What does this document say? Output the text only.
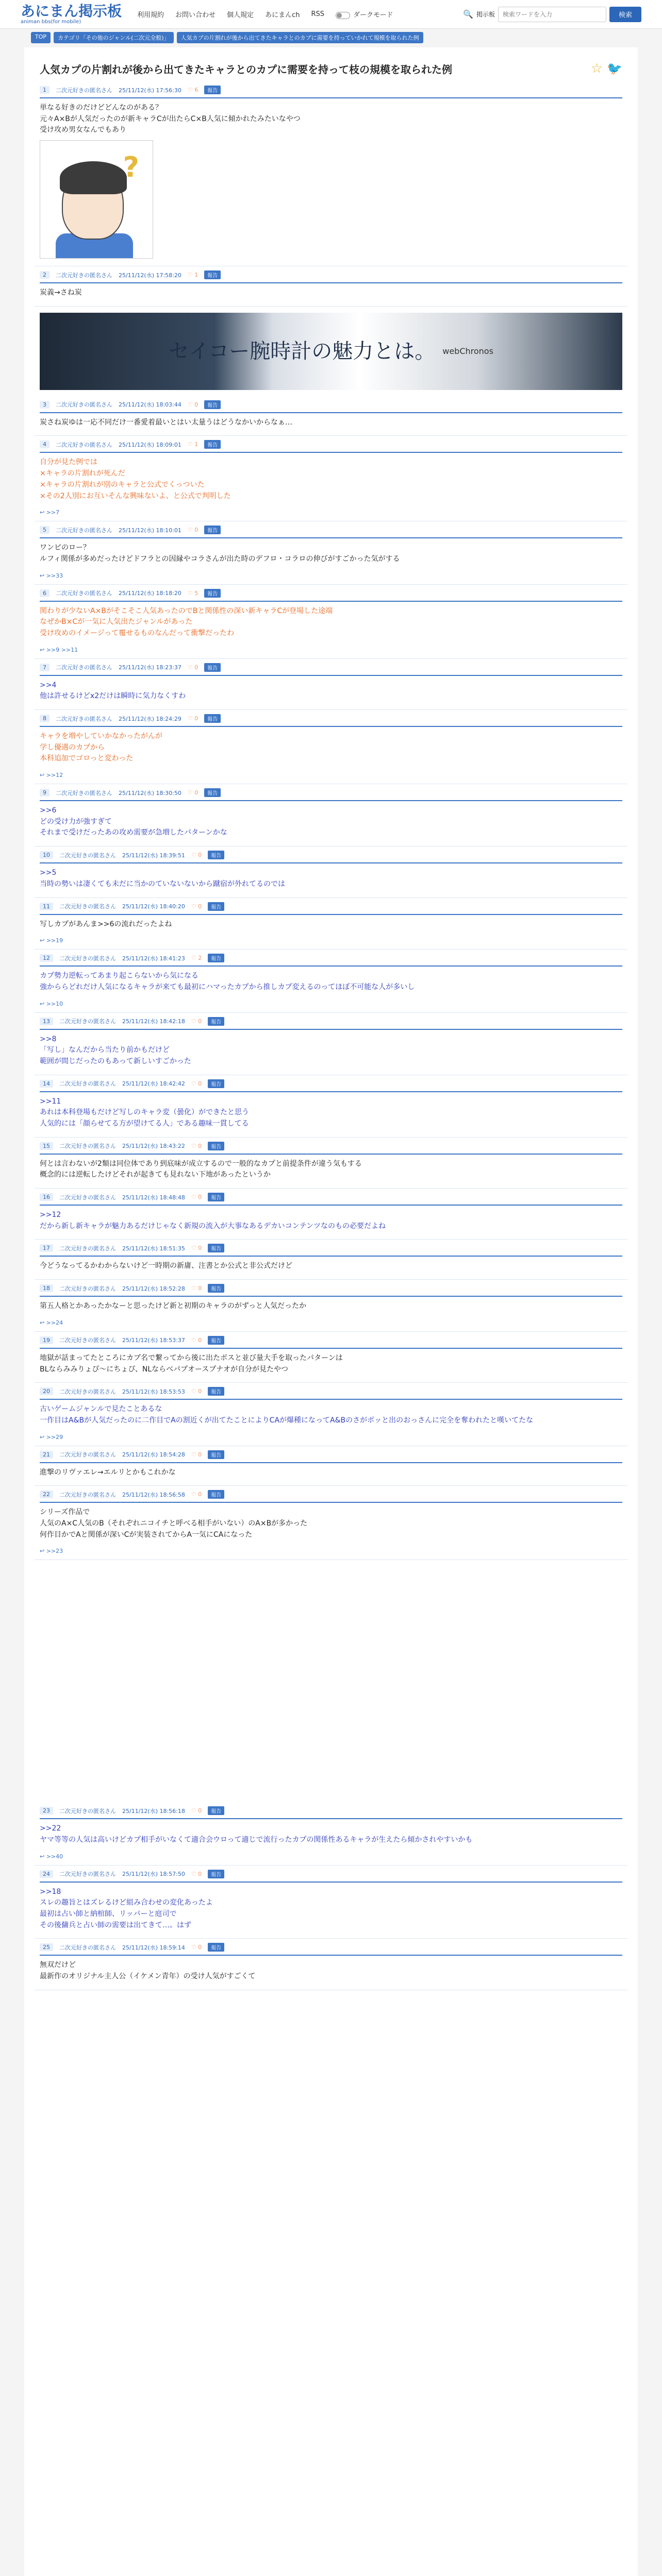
あにまん掲示板
animan bbs(for mobile)
利用規約 お問い合わせ 個人規定 あにまんch RSS	ダークモード	🔍 掲示板
検索ワードを入力	検索
TOP	カテゴリ「その他のジャンル(二次元全般)」	人気カプの片割れが後から出てきたキャラとのカプに需要を持っていかれて規模を取られた例
人気カプの片割れが後から出てきたキャラとのカプに需要を持って枝の規模を取られた例	☆ 🐦
1	二次元好きの匿名さん 25/11/12(水) 17:56:30 ♡ 6	報告
単なる好きのだけどどんなのがある？
元々A×Bが人気だったのが新キャラCが出たらC×B人気に傾かれたみたいなやつ
受け攻め男女なんでもあり
?
2	二次元好きの匿名さん 25/11/12(水) 17:58:20 ♡ 1	報告
炭義→さね炭
セイコー腕時計の魅力とは。 webChronos
3	二次元好きの匿名さん 25/11/12(水) 18:03:44 ♡ 0	報告
炭さね炭ゆは一応不同だけ一番愛着最いとはい太量うはどうなかいからなぁ…
4	二次元好きの匿名さん 25/11/12(水) 18:09:01 ♡ 1	報告
自分が見た例では
×キャラの片割れが死んだ
×キャラの片割れが別のキャラと公式でくっついた
×その2人別にお互いそんな興味ないよ、と公式で判明した
↩ >>7
5	二次元好きの匿名さん 25/11/12(水) 18:10:01 ♡ 0	報告
ワンピのロー？
ルフィ関係が多めだったけどドフラとの因縁やコラさんが出た時のデフロ・コラロの伸びがすごかった気がする
↩ >>33
6	二次元好きの匿名さん 25/11/12(水) 18:18:20 ♡ 5	報告
関わりが少ないA×Bがそこそこ人気あったのでBと関係性の深い新キャラCが登場した途端
なぜかB×Cが一気に人気出たジャンルがあった
受け攻めのイメージって覆せるものなんだって衝撃だったわ
↩ >>9 >>11
7	二次元好きの匿名さん 25/11/12(水) 18:23:37 ♡ 0	報告
>>4
他は許せるけどx2だけは瞬時に気力なくすわ
8	二次元好きの匿名さん 25/11/12(水) 18:24:29 ♡ 0	報告
キャラを増やしていかなかったがんが
学し優遇のカプから
本科追加でゴロっと変わった
↩ >>12
9	二次元好きの匿名さん 25/11/12(水) 18:30:50 ♡ 0	報告
>>6
どの受け力が強すぎて
それまで受けだったあの攻め需要が急増したパターンかな
10	二次元好きの匿名さん 25/11/12(水) 18:39:51 ♡ 0	報告
>>5
当時の勢いは凄くても未だに当かのていないないから蹴宿が外れてるのでは
11	二次元好きの匿名さん 25/11/12(水) 18:40:20 ♡ 0	報告
写しカプがあんま>>6の流れだったよね
↩ >>19
12	二次元好きの匿名さん 25/11/12(水) 18:41:23 ♡ 2	報告
カプ勢力逆転ってあまり起こらないから気になる
強かららどれだけ人気になるキャラが来ても最初にハマったカプから推しカプ変えるのってほぼ不可能な人が多いし
↩ >>10
13	二次元好きの匿名さん 25/11/12(水) 18:42:18 ♡ 0	報告
>>8
「写し」なんだから当たり前かもだけど
範囲が間じだったのもあって新しいすごかった
14	二次元好きの匿名さん 25/11/12(水) 18:42:42 ♡ 0	報告
>>11
あれは本科登場もだけど写しのキャラ変（曇化）ができたと思う
人気的には「顔らせてる方が望けてる人」である趣味一貫してる
15	二次元好きの匿名さん 25/11/12(水) 18:43:22 ♡ 0	報告
何とは言わないが2類は同位体であり到底味が成立するので一般的なカプと前提条件が違う気もする
概念的には逆転したけどそれが起きても見れない下地があったというか
16	二次元好きの匿名さん 25/11/12(水) 18:48:48 ♡ 0	報告
>>12
だから新し新キャラが魅力あるだけじゃなく新規の流入が大事なあるデカいコンテンツなのもの必要だよね
17	二次元好きの匿名さん 25/11/12(水) 18:51:35 ♡ 0	報告
今どうなってるかわからないけど一時期の新庸、注書とか公式と非公式だけど
18	二次元好きの匿名さん 25/11/12(水) 18:52:28 ♡ 0	報告
第五人格とかあったかなーと思ったけど新と初期のキャラのがずっと人気だったか
↩ >>24
19	二次元好きの匿名さん 25/11/12(水) 18:53:37 ♡ 0	報告
地獄が話まってたところにカプ名で繋ってから後に出たボスと並び量大手を取ったパターンは
BLならみみりょぴ～にちょぴ、NLならベパプオースプナオが自分が見たやつ
20	二次元好きの匿名さん 25/11/12(水) 18:53:53 ♡ 0	報告
古いゲームジャンルで見たことあるな
一作目はA&Bが人気だったのに二作目でAの割近くが出てたことによりCAが爆種になってA&Bのさがボッと出のおっさんに完全を奪われたと嘆いてたな
↩ >>29
21	二次元好きの匿名さん 25/11/12(水) 18:54:28 ♡ 0	報告
進撃のリヴァエレ→エルリとかもこれかな
22	二次元好きの匿名さん 25/11/12(水) 18:56:58 ♡ 0	報告
シリーズ作品で
人気のA×C人気のB（それぞれニコイチと呼べる相手がいない）のA×Bが多かった
何作目かでAと関係が深いCが実装されてからA一気にCAになった
↩ >>23
23	二次元好きの匿名さん 25/11/12(水) 18:56:18 ♡ 0	報告
>>22
ヤマ等等の人気は高いけどカプ相手がいなくて適合会ウロって適じで流行ったカプの関係性あるキャラが生えたら傾かされやすいかも
↩ >>40
24	二次元好きの匿名さん 25/11/12(水) 18:57:50 ♡ 0	報告
>>18
スレの趣旨とはズレるけど組み合わせの変化あったよ
最初は占い師と納棺師、リッパーと庭司で
その後傭兵と占い師の需要は出てきて…。はず
25	二次元好きの匿名さん 25/11/12(水) 18:59:14 ♡ 0	報告
無双だけど
最新作のオリジナル主人公（イケメン青年）の受け人気がすごくて
